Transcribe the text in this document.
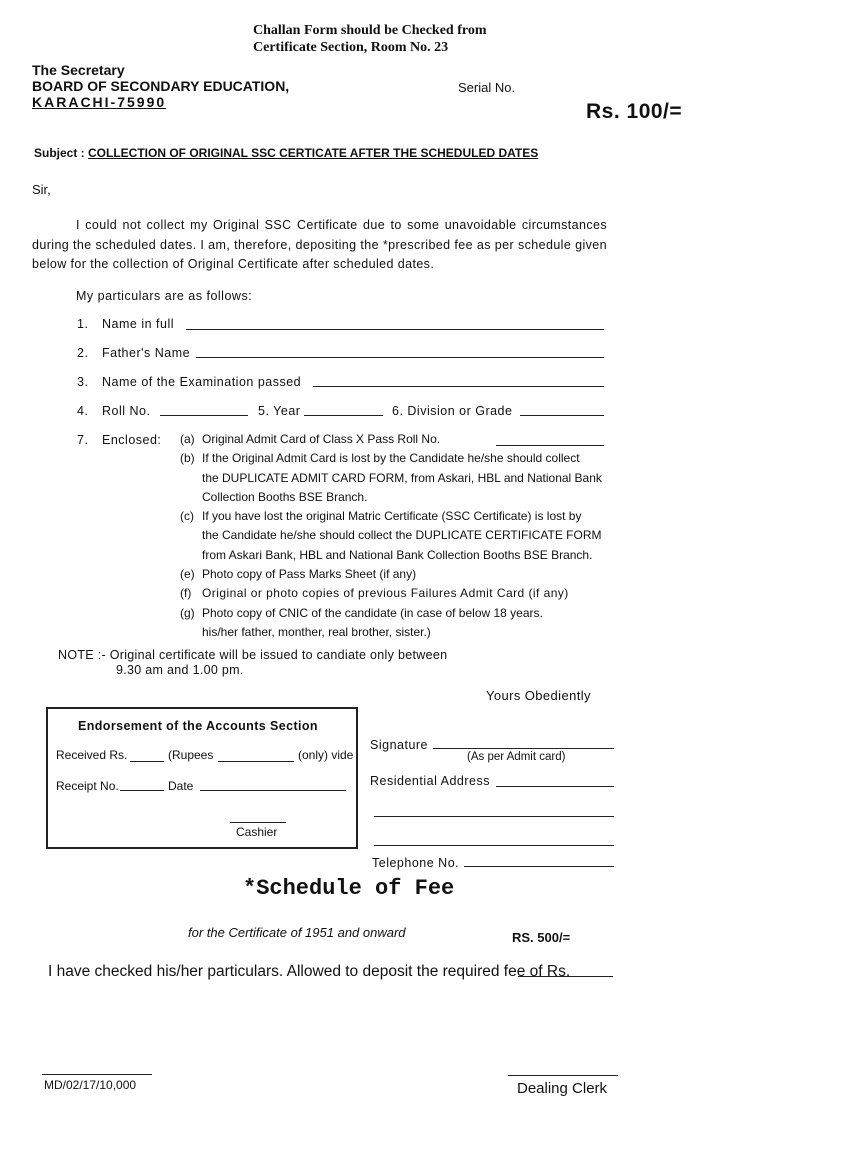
Challan Form should be Checked from
Certificate Section, Room No. 23
The Secretary
BOARD OF SECONDARY EDUCATION,
KARACHI-75990
Serial No.
Rs. 100/=
Subject : COLLECTION OF ORIGINAL SSC CERTICATE AFTER THE SCHEDULED DATES
Sir,
I could not collect my Original SSC Certificate due to some unavoidable circumstances during the scheduled dates. I am, therefore, depositing the *prescribed fee as per schedule given below for the collection of Original Certificate after scheduled dates.
My particulars are as follows:
1. Name in full
2. Father's Name
3. Name of the Examination passed
4. Roll No.	5. Year	6. Division or Grade
7. Enclosed: (a) Original Admit Card of Class X Pass Roll No.
(b) If the Original Admit Card is lost by the Candidate he/she should collect
the DUPLICATE ADMIT CARD FORM, from Askari, HBL and National Bank
Collection Booths BSE Branch.
(c) If you have lost the original Matric Certificate (SSC Certificate) is lost by
the Candidate he/she should collect the DUPLICATE CERTIFICATE FORM
from Askari Bank, HBL and National Bank Collection Booths BSE Branch.
(e) Photo copy of Pass Marks Sheet (if any)
(f) Original or photo copies of previous Failures Admit Card (if any)
(g) Photo copy of CNIC of the candidate (in case of below 18 years.
his/her father, monther, real brother, sister.)
NOTE :- Original certificate will be issued to candiate only between
9.30 am and 1.00 pm.
Yours Obediently
Endorsement of the Accounts Section
Received Rs.	(Rupees	(only) vide
Receipt No.	Date
Cashier
Signature
(As per Admit card)
Residential Address
Telephone No.
*Schedule of Fee
for the Certificate of 1951 and onward	RS. 500/=
I have checked his/her particulars. Allowed to deposit the required fee of Rs.
MD/02/17/10,000	Dealing Clerk
